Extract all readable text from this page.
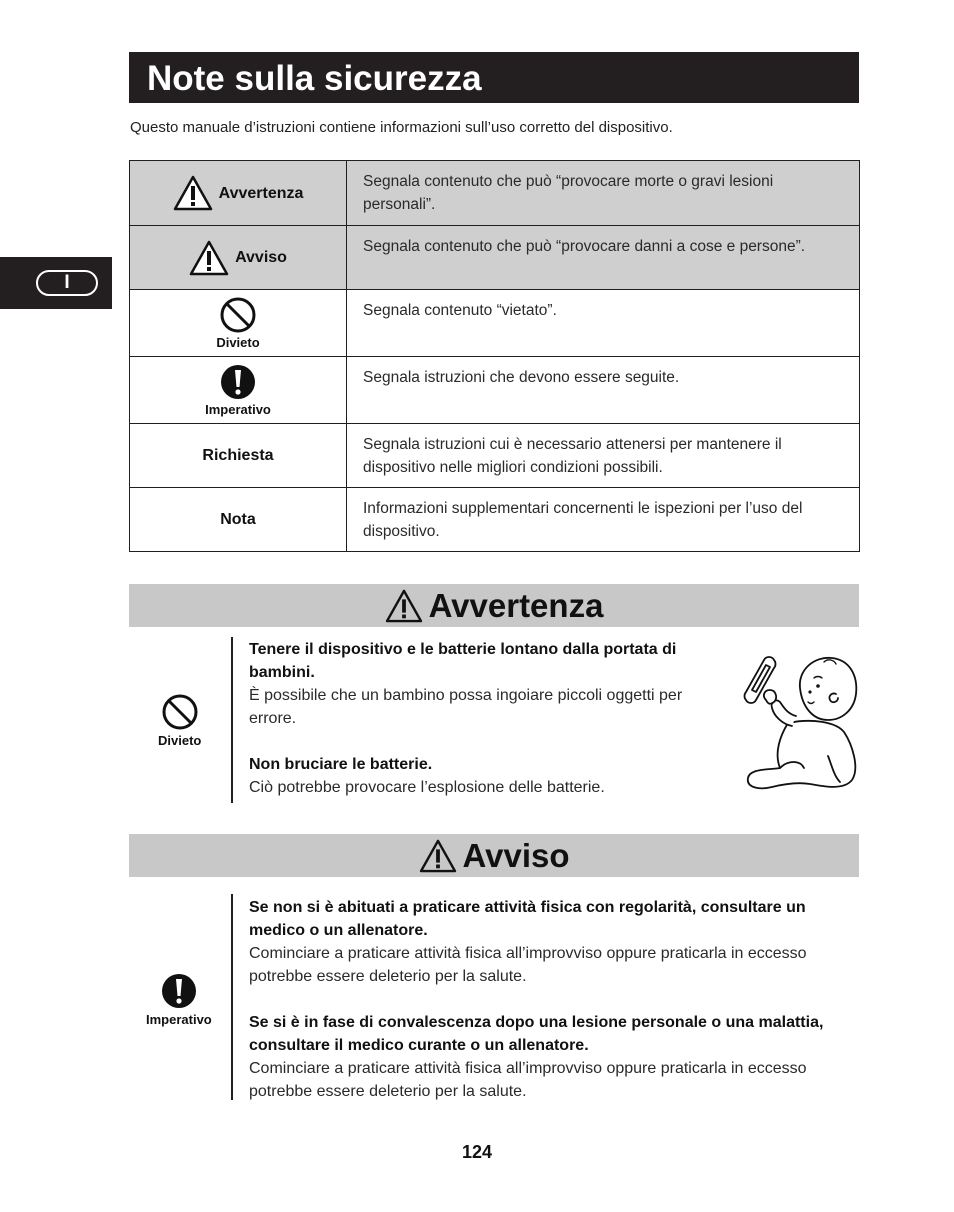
Note sulla sicurezza
Questo manuale d’istruzioni contiene informazioni sull’uso corretto del dispositivo.
I
Avvertenza	Segnala contenuto che può “provocare morte o gravi lesioni personali”.

Avviso	Segnala contenuto che può “provocare danni a cose e persone”.

Divieto	Segnala contenuto “vietato”.

Imperativo	Segnala istruzioni che devono essere seguite.
Richiesta	Segnala istruzioni cui è necessario attenersi per mantenere il dispositivo nelle migliori condizioni possibili.
Nota	Informazioni supplementari concernenti le ispezioni per l’uso del dispositivo.
Avvertenza
Divieto

Tenere il dispositivo e le batterie lontano dalla portata di bambini.

È possibile che un bambino possa ingoiare piccoli oggetti per errore.

Non bruciare le batterie.

Ciò potrebbe provocare l’esplosione delle batterie.

Avviso
Imperativo

Se non si è abituati a praticare attività fisica con regolarità, consultare un medico o un allenatore.

Cominciare a praticare attività fisica all’improvviso oppure praticarla in eccesso potrebbe essere deleterio per la salute.

Se si è in fase di convalescenza dopo una lesione personale o una malattia, consultare il medico curante o un allenatore.

Cominciare a praticare attività fisica all’improvviso oppure praticarla in eccesso potrebbe essere deleterio per la salute.

124
